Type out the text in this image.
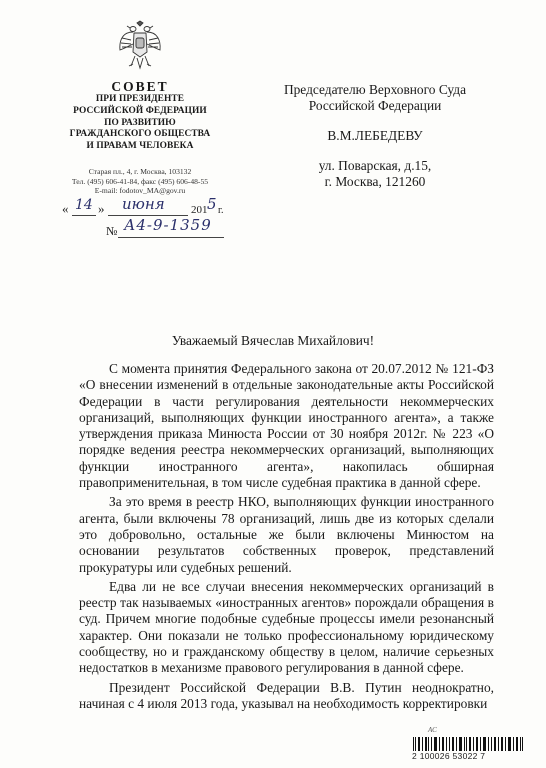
СОВЕТ
ПРИ ПРЕЗИДЕНТЕ
РОССИЙСКОЙ ФЕДЕРАЦИИ
ПО РАЗВИТИЮ
ГРАЖДАНСКОГО ОБЩЕСТВА
И ПРАВАМ ЧЕЛОВЕКА
Старая пл., 4, г. Москва, 103132
Тел. (495) 606-41-84, факс (495) 606-48-55
E-mail: fodotov_MA@gov.ru
« 14 » июня 201 5 г.
№ А4-9-1359
Председателю Верховного Суда
Российской Федерации
В.М.ЛЕБЕДЕВУ
ул. Поварская, д.15,
г. Москва, 121260
Уважаемый Вячеслав Михайлович!

С момента принятия Федерального закона от 20.07.2012 № 121-ФЗ «О внесении изменений в отдельные законодательные акты Российской Федерации в части регулирования деятельности некоммерческих организаций, выполняющих функции иностранного агента», а также утверждения приказа Минюста России от 30 ноября 2012г. № 223 «О порядке ведения реестра некоммерческих организаций, выполняющих функции иностранного агента», накопилась обширная правоприменительная, в том числе судебная практика в данной сфере.

За это время в реестр НКО, выполняющих функции иностранного агента, были включены 78 организаций, лишь две из которых сделали это добровольно, остальные же были включены Минюстом на основании результатов собственных проверок, представлений прокуратуры или судебных решений.

Едва ли не все случаи внесения некоммерческих организаций в реестр так называемых «иностранных агентов» порождали обращения в суд. Причем многие подобные судебные процессы имели резонансный характер. Они показали не только профессиональному юридическому сообществу, но и гражданскому обществу в целом, наличие серьезных недостатков в механизме правового регулирования в данной сфере.

Президент Российской Федерации В.В. Путин неоднократно, начиная с 4 июля 2013 года, указывал на необходимость корректировки

АС
2 100026 53022 7
